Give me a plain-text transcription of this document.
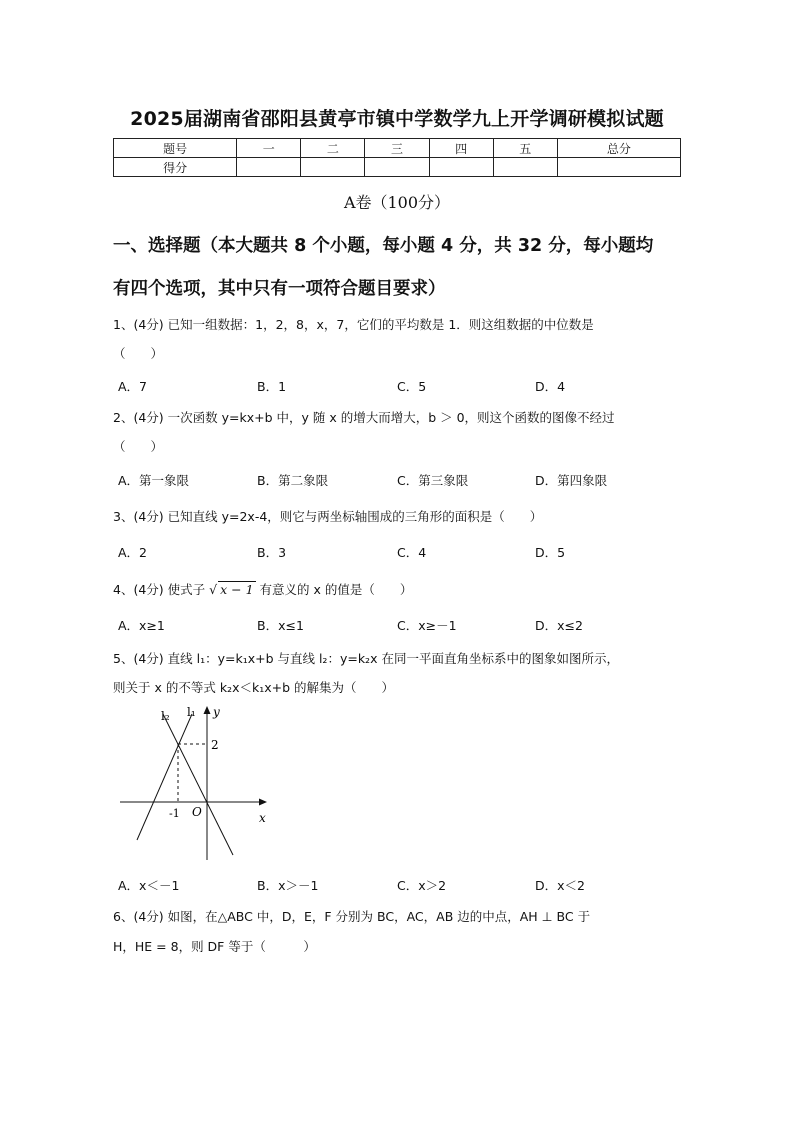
2025届湖南省邵阳县黄亭市镇中学数学九上开学调研模拟试题
题号	一	二	三	四	五	总分
得分						
A卷（100分）
一、选择题（本大题共 8 个小题，每小题 4 分，共 32 分，每小题均
有四个选项，其中只有一项符合题目要求）
1、(4分) 已知一组数据：1，2，8，x，7，它们的平均数是 1．则这组数据的中位数是
（　　）
A．7	B．1	C．5	D．4
2、(4分) 一次函数 y=kx+b 中，y 随 x 的增大而增大，b ＞ 0，则这个函数的图像不经过
（　　）
A．第一象限	B．第二象限	C．第三象限	D．第四象限
3、(4分) 已知直线 y=2x-4，则它与两坐标轴围成的三角形的面积是（　　）
A．2	B．3	C．4	D．5
4、(4分) 使式子 √ x − 1 有意义的 x 的值是（　　）
A．x≥1	B．x≤1	C．x≥－1	D．x≤2
5、(4分) 直线 l₁：y=k₁x+b 与直线 l₂：y=k₂x 在同一平面直角坐标系中的图象如图所示，
则关于 x 的不等式 k₂x＜k₁x+b 的解集为（　　）
l₂ l₁ y
2
-1 O	x
A．x＜－1	B．x＞－1	C．x＞2	D．x＜2
6、(4分) 如图，在△ABC 中，D，E，F 分别为 BC，AC，AB 边的中点，AH ⊥ BC 于
H，HE = 8，则 DF 等于（　　　）
